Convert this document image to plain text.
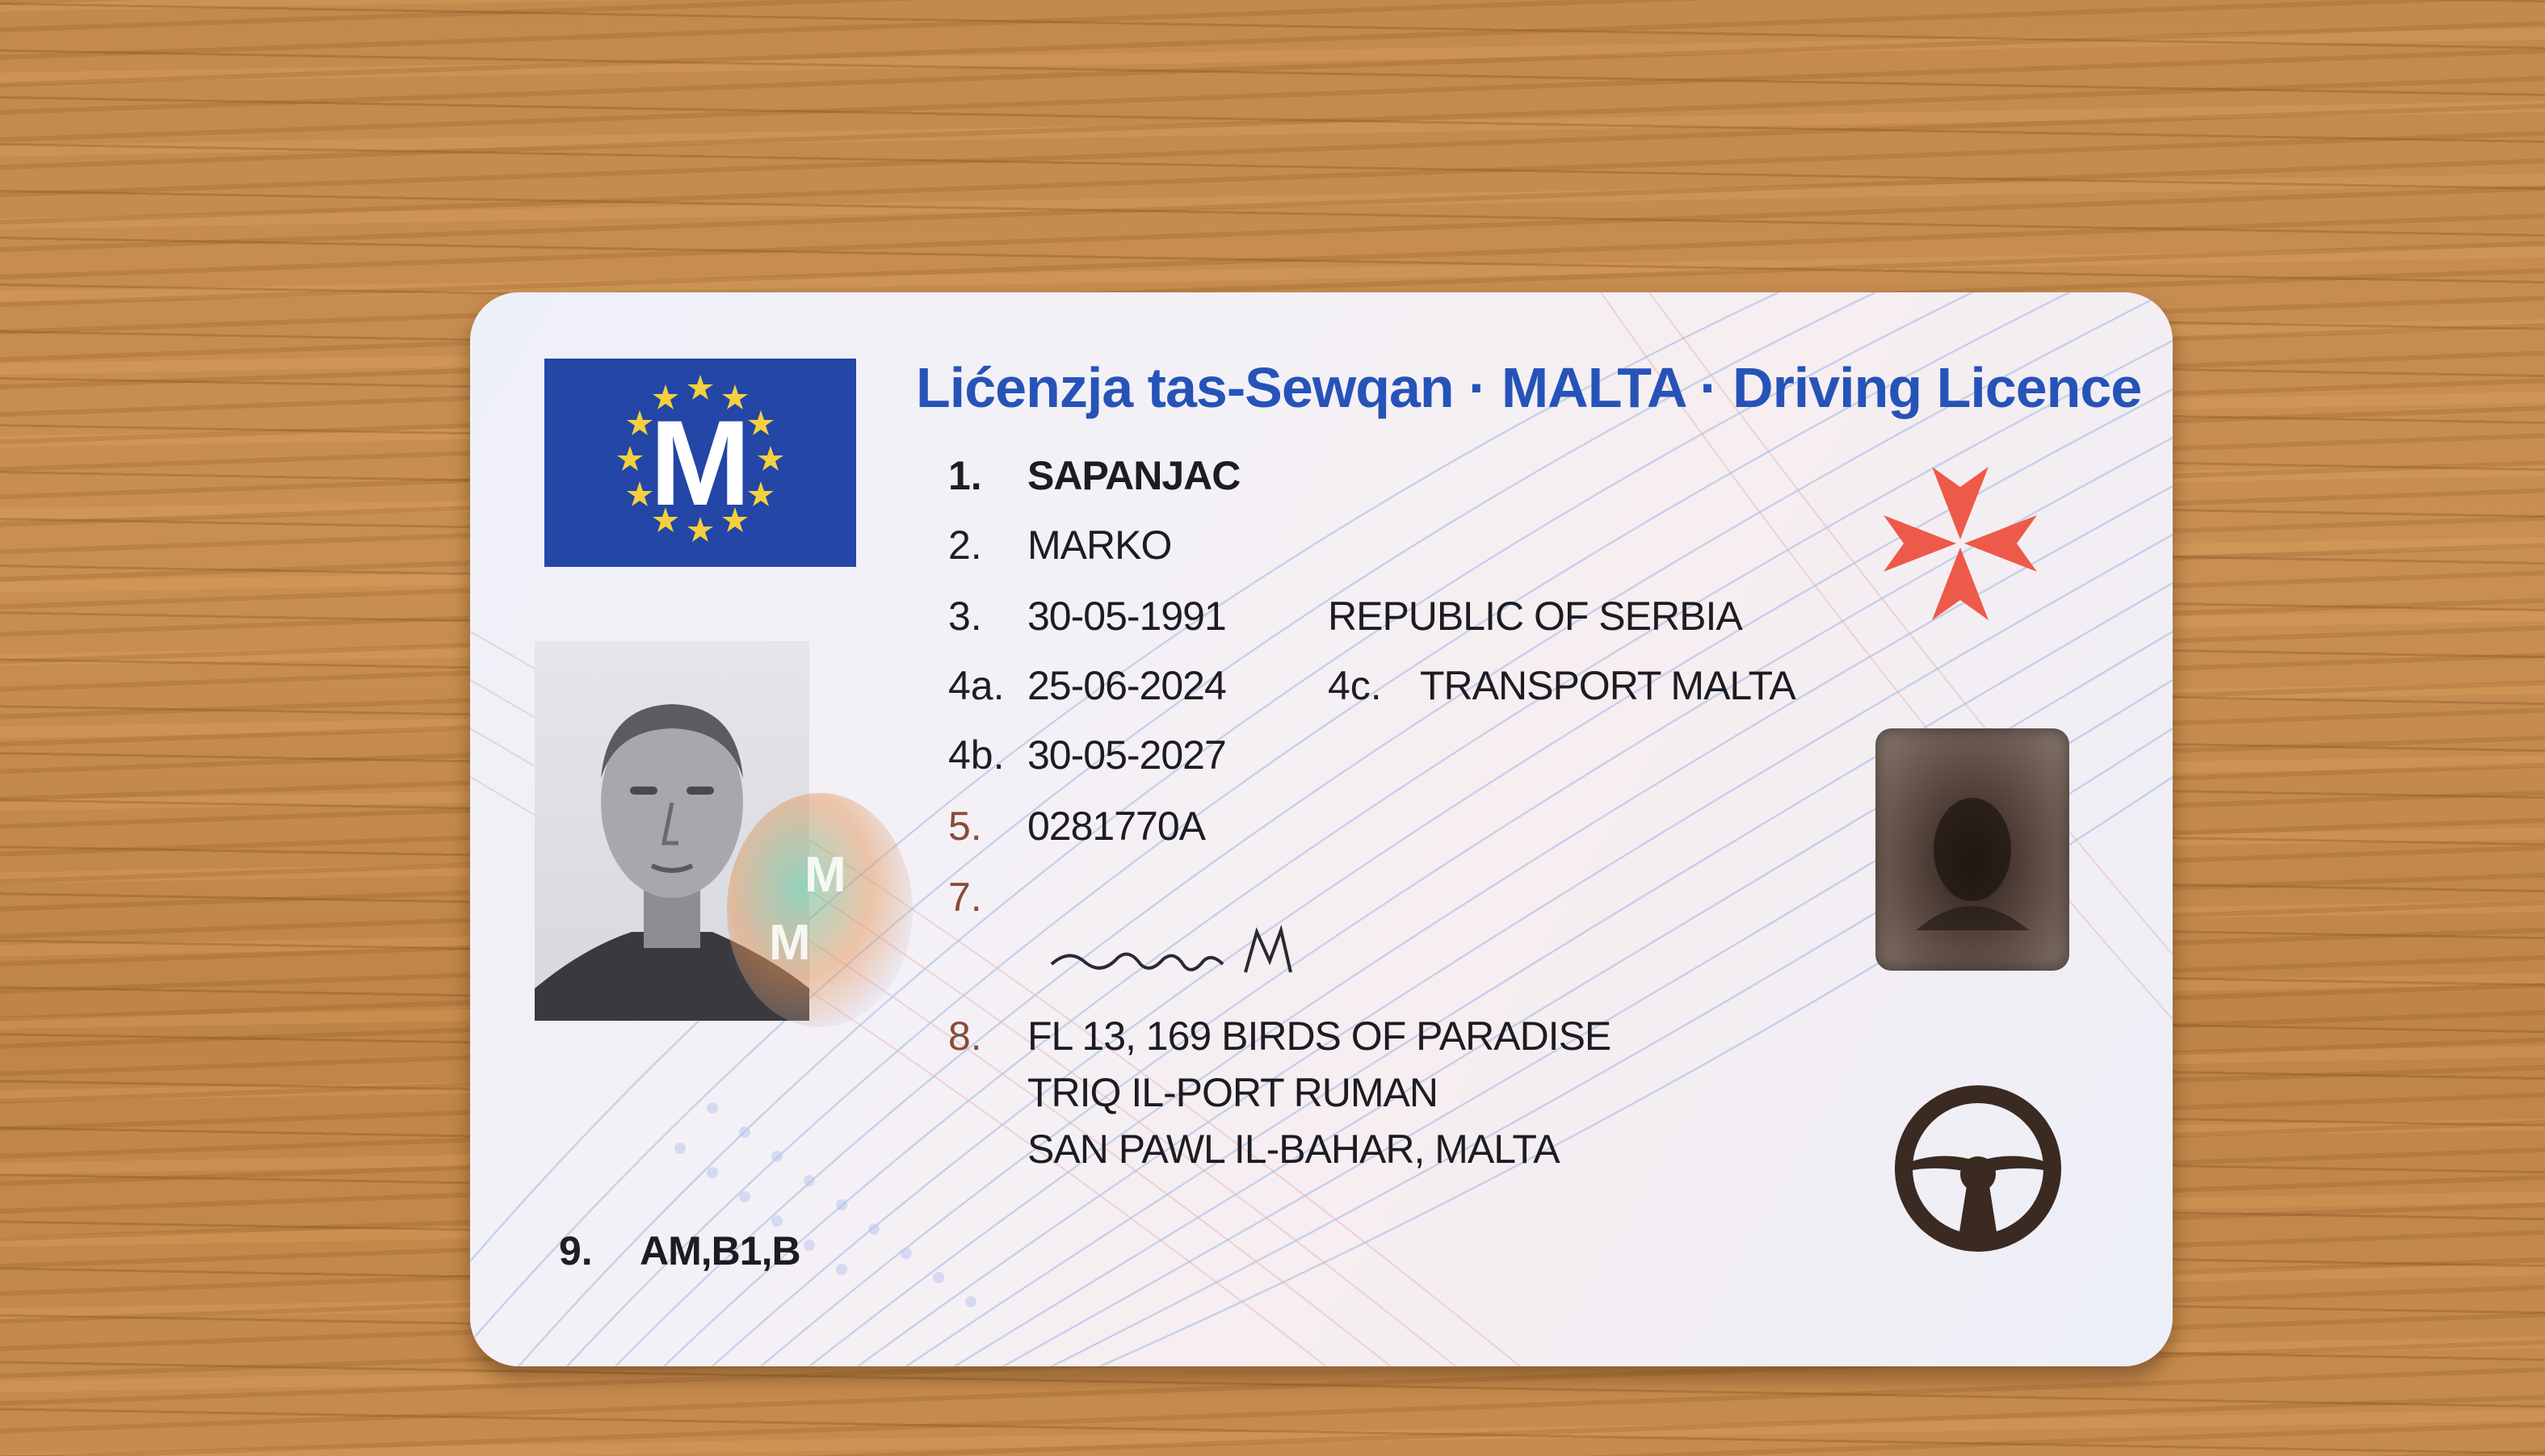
M
Lićenzja tas-Sewqan · MALTA · Driving Licence
M
M
1.
2.
3.
4a.
4b.
5.
7.
8.
9.
SAPANJAC
MARKO
30-05-1991	REPUBLIC OF SERBIA
25-06-2024	4c. TRANSPORT MALTA
30-05-2027
0281770A
FL 13, 169 BIRDS OF PARADISE
TRIQ IL-PORT RUMAN
SAN PAWL IL-BAHAR, MALTA
AM,B1,B
